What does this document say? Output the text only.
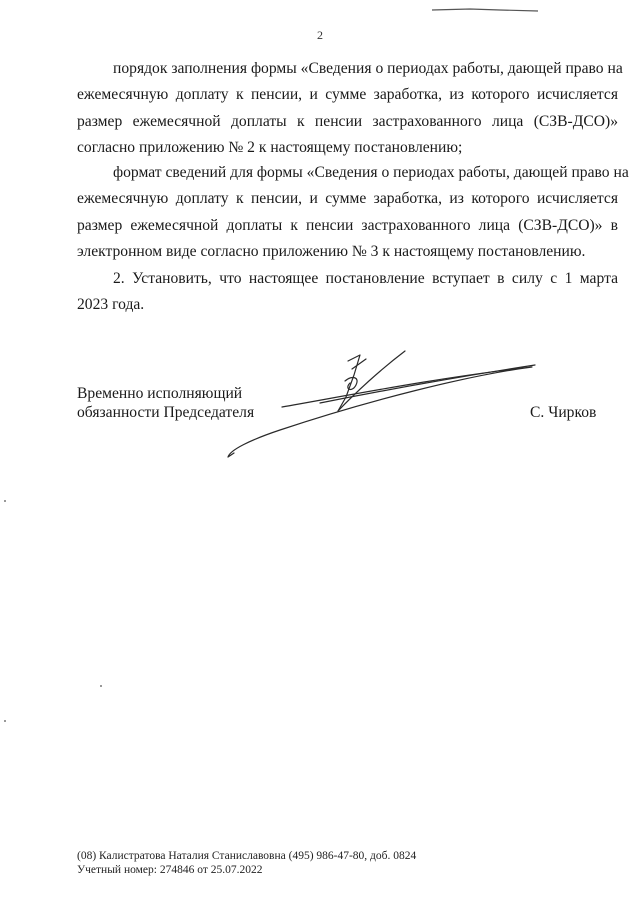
2

порядок заполнения формы «Сведения о периодах работы, дающей право на
ежемесячную доплату к пенсии, и сумме заработка, из которого исчисляется
размер ежемесячной доплаты к пенсии застрахованного лица (СЗВ-ДСО)»
согласно приложению № 2 к настоящему постановлению;

формат сведений для формы «Сведения о периодах работы, дающей право на
ежемесячную доплату к пенсии, и сумме заработка, из которого исчисляется
размер ежемесячной доплаты к пенсии застрахованного лица (СЗВ-ДСО)» в
электронном виде согласно приложению № 3 к настоящему постановлению.

2. Установить, что настоящее постановление вступает в силу с 1 марта
2023 года.

Временно исполняющий
обязанности Председателя	С. Чирков
(08) Калистратова Наталия Станиславовна (495) 986-47-80, доб. 0824
Учетный номер: 274846 от 25.07.2022
